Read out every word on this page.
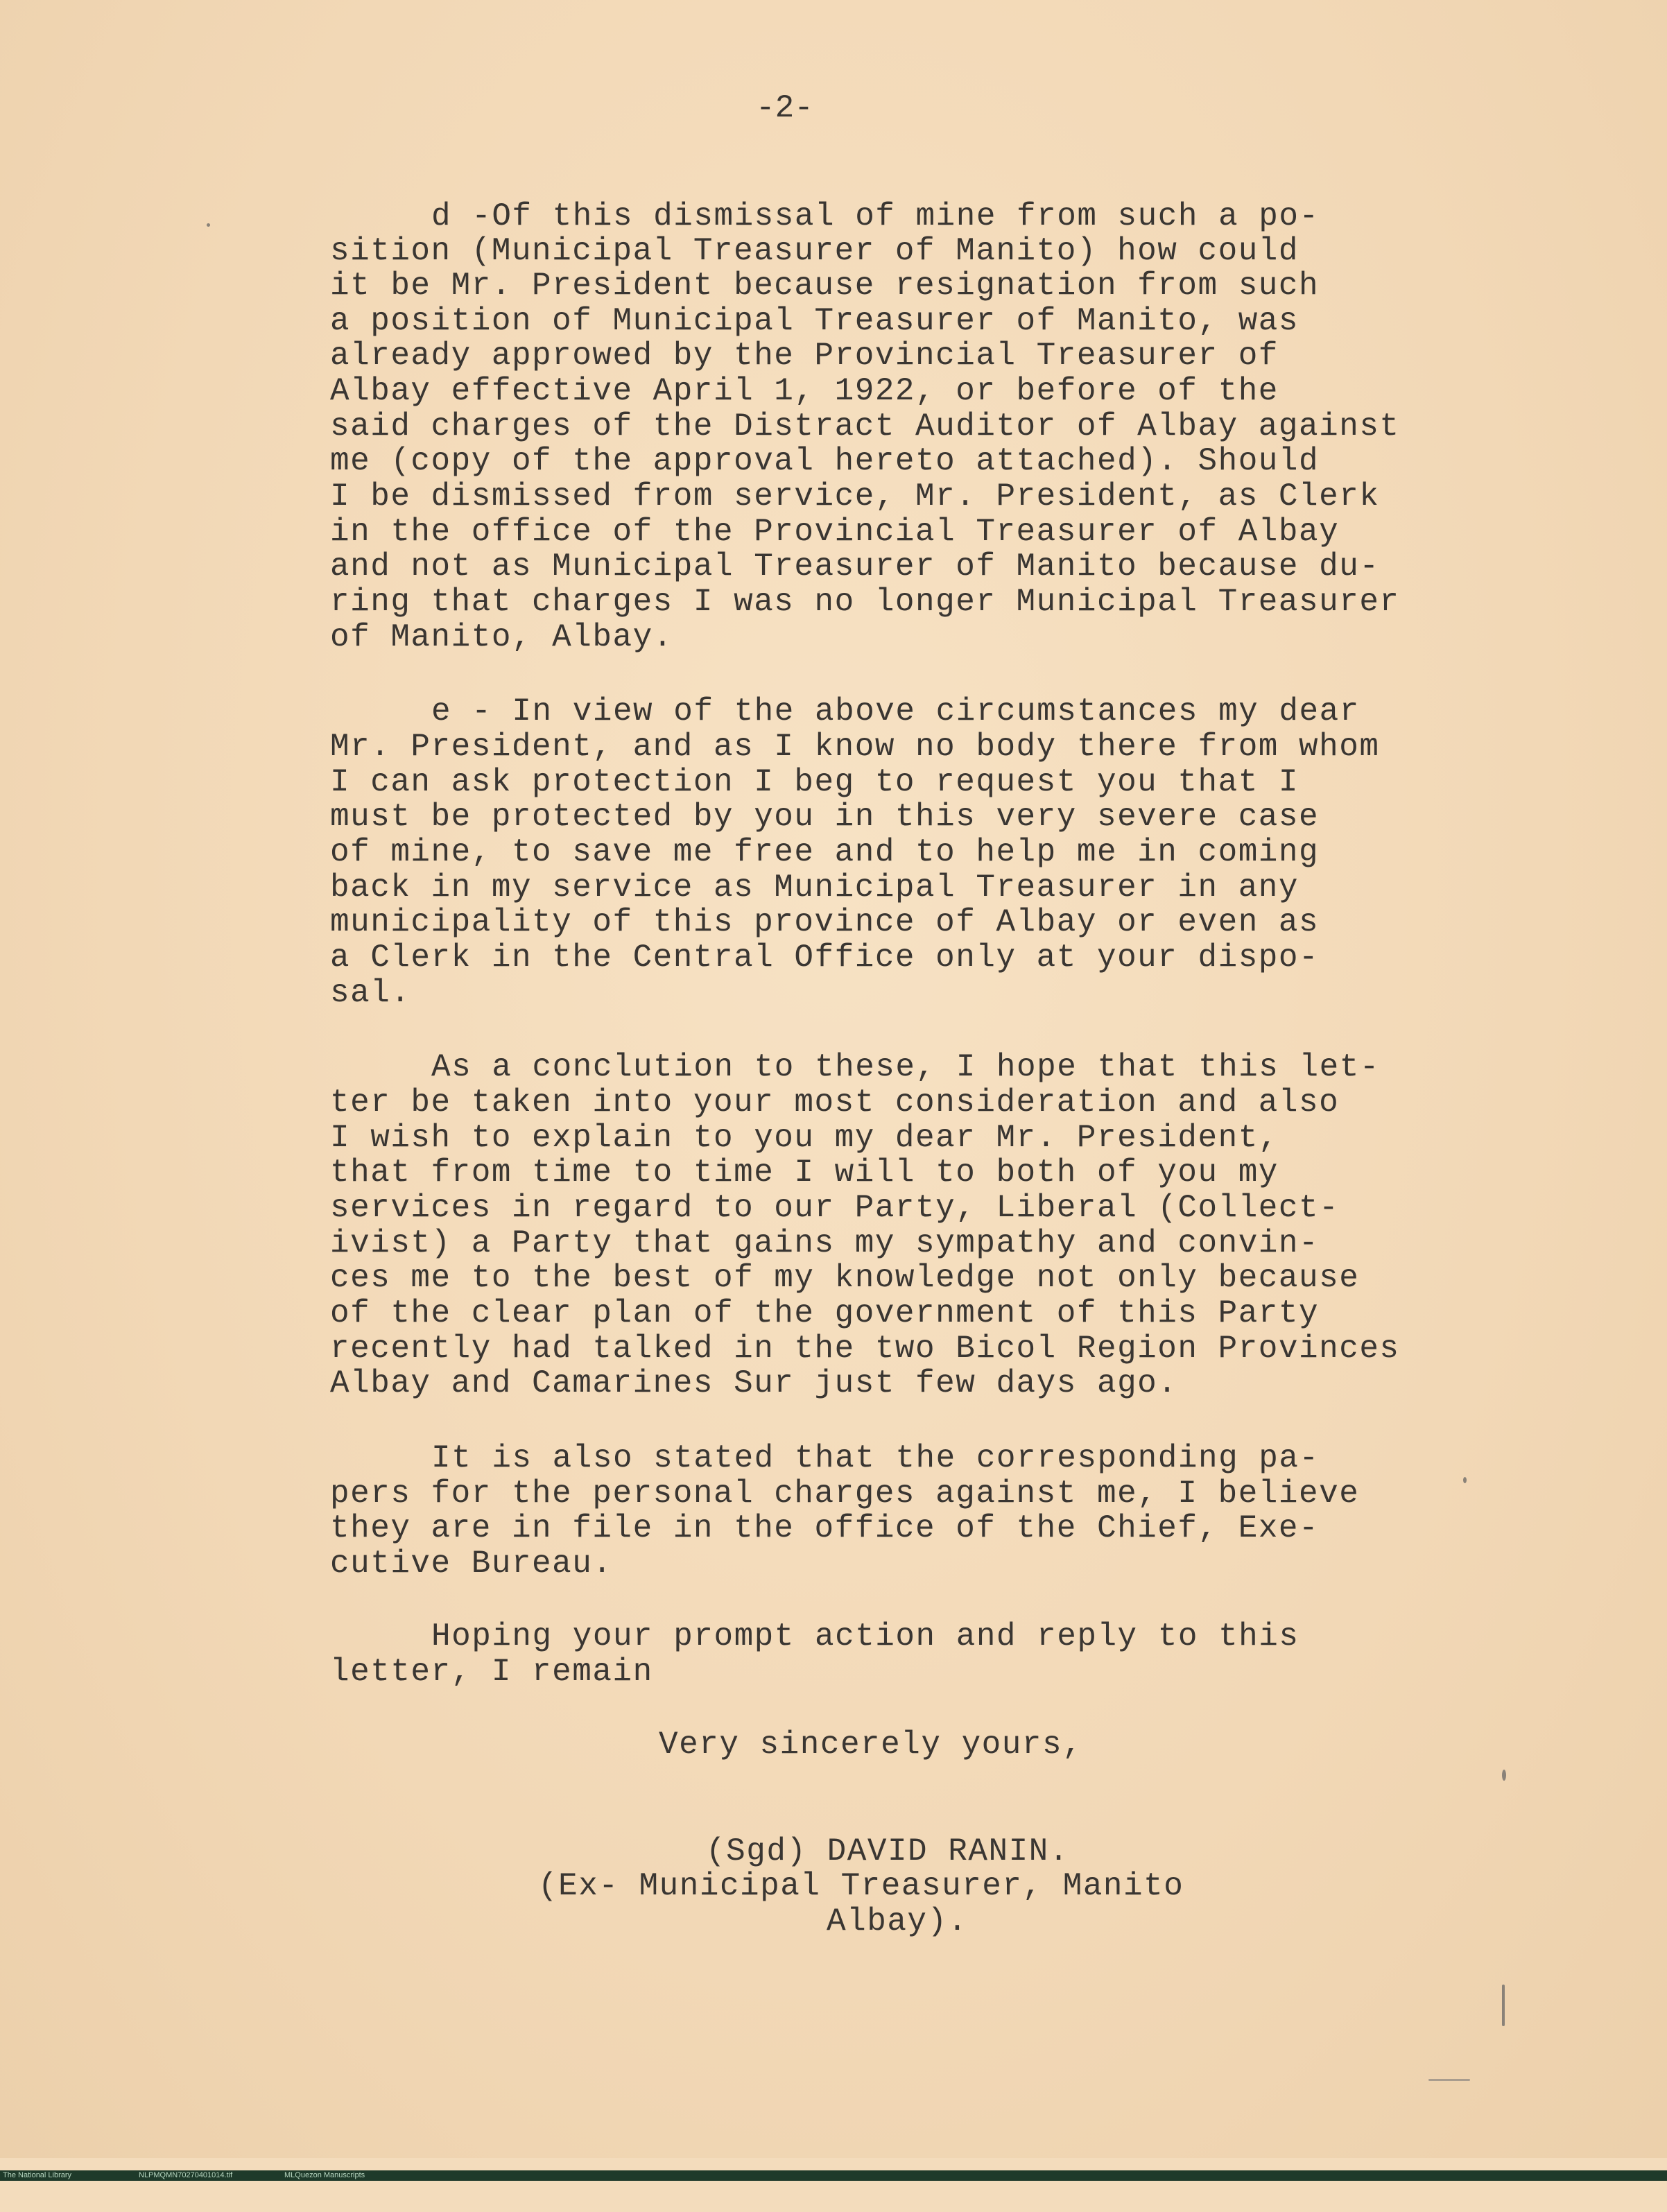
-2-
d -Of this dismissal of mine from such a po-
sition (Municipal Treasurer of Manito) how could
it be Mr. President because resignation from such
a position of Municipal Treasurer of Manito, was
already approwed by the Provincial Treasurer of
Albay effective April 1, 1922, or before of the
said charges of the Distract Auditor of Albay against
me (copy of the approval hereto attached). Should
I be dismissed from service, Mr. President, as Clerk
in the office of the Provincial Treasurer of Albay
and not as Municipal Treasurer of Manito because du-
ring that charges I was no longer Municipal Treasurer
of Manito, Albay.
e - In view of the above circumstances my dear
Mr. President, and as I know no body there from whom
I can ask protection I beg to request you that I
must be protected by you in this very severe case
of mine, to save me free and to help me in coming
back in my service as Municipal Treasurer in any
municipality of this province of Albay or even as
a Clerk in the Central Office only at your dispo-
sal.
As a conclution to these, I hope that this let-
ter be taken into your most consideration and also
I wish to explain to you my dear Mr. President,
that from time to time I will to both of you my
services in regard to our Party, Liberal (Collect-
ivist) a Party that gains my sympathy and convin-
ces me to the best of my knowledge not only because
of the clear plan of the government of this Party
recently had talked in the two Bicol Region Provinces
Albay and Camarines Sur just few days ago.
It is also stated that the corresponding pa-
pers for the personal charges against me, I believe
they are in file in the office of the Chief, Exe-
cutive Bureau.
Hoping your prompt action and reply to this
letter, I remain
Very sincerely yours,
(Sgd) DAVID RANIN.
(Ex- Municipal Treasurer, Manito
Albay).

The National Library

	NLPMQMN70270401014.tif

	MLQuezon Manuscripts
